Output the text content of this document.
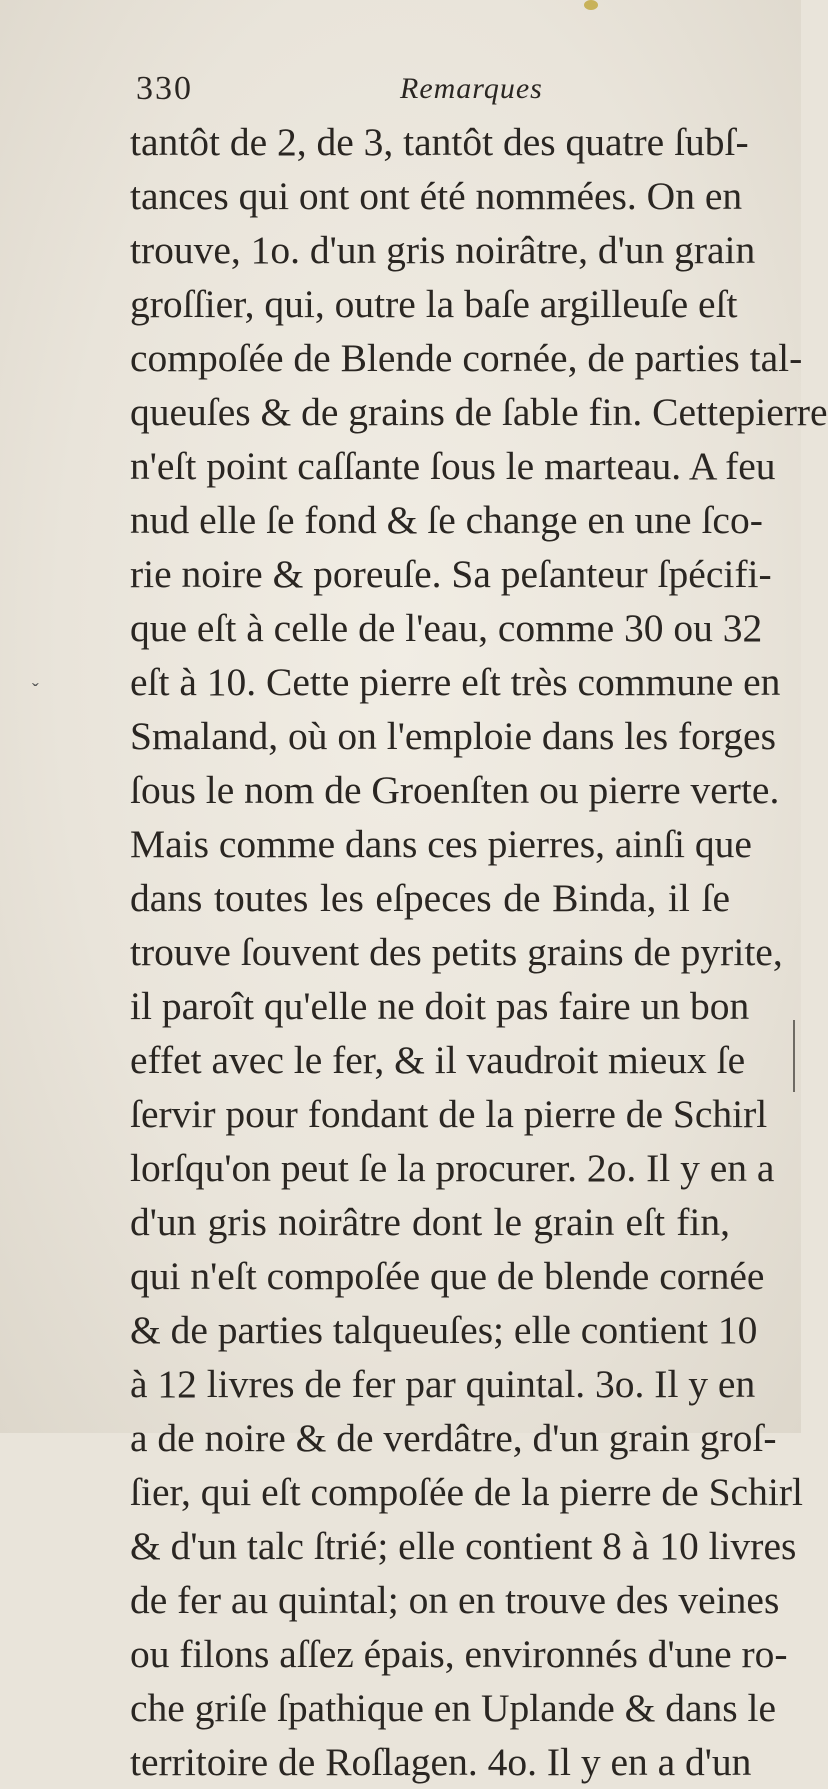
330	Remarques
ˇ
tantôt de 2, de 3, tantôt des quatre ſubſ-
tances qui ont ont été nommées. On en
trouve, 1o. d'un gris noirâtre, d'un grain
groſſier, qui, outre la baſe argilleuſe eſt
compoſée de Blende cornée, de parties tal-
queuſes & de grains de ſable fin. Cettepierre
n'eſt point caſſante ſous le marteau. A feu
nud elle ſe fond & ſe change en une ſco-
rie noire & poreuſe. Sa peſanteur ſpécifi-
que eſt à celle de l'eau, comme 30 ou 32
eſt à 10. Cette pierre eſt très commune en
Smaland, où on l'emploie dans les forges
ſous le nom de Groenſten ou pierre verte.
Mais comme dans ces pierres, ainſi que
dans toutes les eſpeces de Binda, il ſe
trouve ſouvent des petits grains de pyrite,
il paroît qu'elle ne doit pas faire un bon
effet avec le fer, & il vaudroit mieux ſe
ſervir pour fondant de la pierre de Schirl
lorſqu'on peut ſe la procurer. 2o. Il y en a
d'un gris noirâtre dont le grain eſt fin,
qui n'eſt compoſée que de blende cornée
& de parties talqueuſes; elle contient 10
à 12 livres de fer par quintal. 3o. Il y en
a de noire & de verdâtre, d'un grain groſ-
ſier, qui eſt compoſée de la pierre de Schirl
& d'un talc ſtrié; elle contient 8 à 10 livres
de fer au quintal; on en trouve des veines
ou filons aſſez épais, environnés d'une ro-
che griſe ſpathique en Uplande & dans le
territoire de Roſlagen. 4o. Il y en a d'un
